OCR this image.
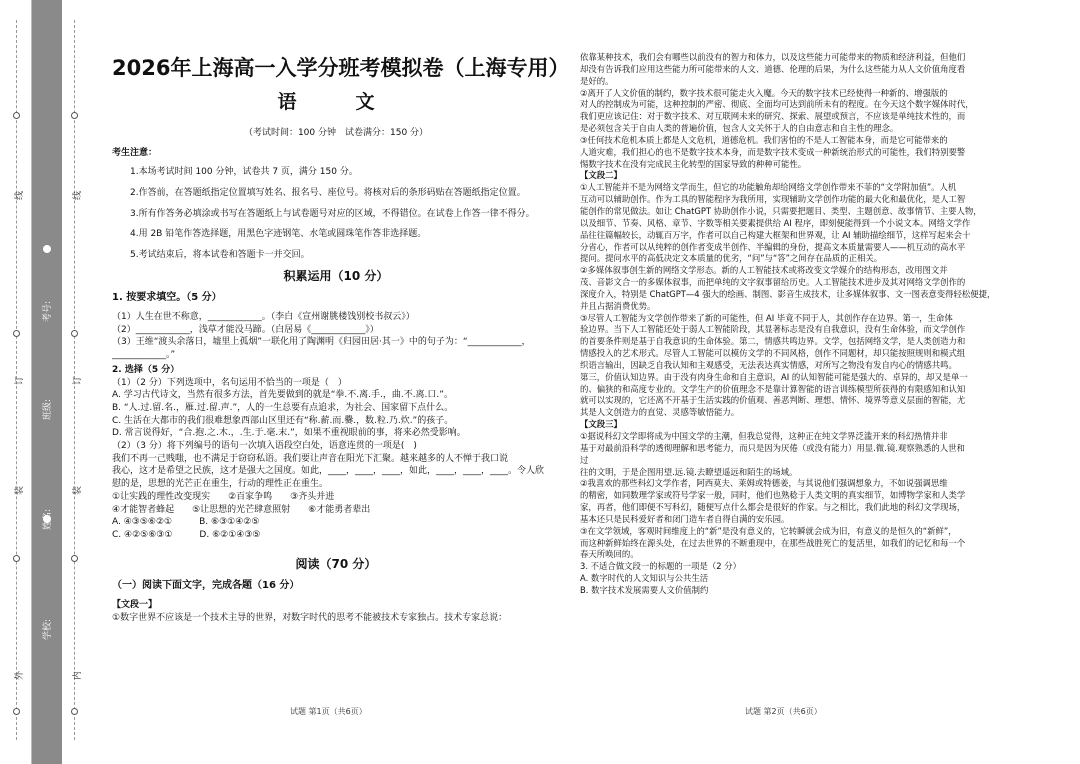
线
订
装
外
线
订
装
内
考号:
班级:
姓名:
学校:
2026年上海高一入学分班考模拟卷（上海专用）
语　文
（考试时间：100 分钟　试卷满分：150 分）
考生注意：
1.本场考试时间 100 分钟，试卷共 7 页，满分 150 分。
2.作答前，在答题纸指定位置填写姓名、报名号、座位号。将核对后的条形码贴在答题纸指定位置。
3.所有作答务必填涂或书写在答题纸上与试卷题号对应的区域，不得错位。在试卷上作答一律不得分。
4.用 2B 铅笔作答选择题，用黑色字迹钢笔、水笔或圆珠笔作答非选择题。
5.考试结束后，将本试卷和答题卡一并交回。
积累运用（10 分）
1. 按要求填空。（5 分）

（1）人生在世不称意，____________。（李白《宣州谢朓楼饯别校书叔云》）

（2）____________，浅草才能没马蹄。（白居易《____________》）

（3）王维“渡头余落日，墟里上孤烟”一联化用了陶渊明《归园田居·其一》中的句子为：“____________，

____________。”

2. 选择（5 分）

（1）（2 分）下列选项中，名句运用不恰当的一项是（　）

A. 学习古代诗文，当然有很多方法，首先要做到的就是“拳.不.离.手.，曲.不.离.口.”。

B. “人.过.留.名.，雁.过.留.声.”，人的一生总要有点追求，为社会、国家留下点什么。

C. 生活在大都市的我们很难想象西部山区里还有“称.薪.而.爨.，数.粒.乃.炊.”的孩子。

D. 常言说得好，“合.抱.之.木.，.生.于.毫.末.”，如果不重视眼前的事，将来必然受影响。

（2）（3 分）将下列编号的语句一次填入语段空白处，语意连贯的一项是(　)

我们不再一己贱嗤，也不满足于窃窃私语。我们要让声音在阳光下汇聚。越来越多的人不惮于我口说

我心，这才是希望之民族，这才是强大之国度。如此，____，____，____，如此，____，____，____。令人欣

慰的是，思想的光芒正在重生，行动的理性正在重生。

①让实践的理性改变现实　　②百家争鸣　　③齐头并进

④才能智者蜂起　　⑤让思想的光芒肆意照射　　⑥才能勇者辈出

A. ④③⑤⑥②①　　　B. ⑥③①④②⑤

C. ④②⑤⑥③①　　　D. ⑥②①④③⑤

阅读（70 分）
（一）阅读下面文字，完成各题（16 分）

【文段一】

①数字世界不应该是一个技术主导的世界，对数字时代的思考不能被技术专家独占。技术专家总说：

试题 第1页（共6页）

依靠某种技术，我们会有哪些以前没有的智力和体力，以及这些能力可能带来的物质和经济利益，但他们

却没有告诉我们应用这些能力所可能带来的人文、道德、伦理的后果，为什么这些能力从人文价值角度看

是好的。

②离开了人文价值的制约，数字技术很可能走火入魔。今天的数字技术已经使得一种新的、增强版的

对人的控制成为可能，这种控制的严密、彻底、全面均可达到前所未有的程度。在今天这个数字媒体时代，

我们更应该记住：对于数字技术、对互联网未来的研究、探索、展望或预言，不应该是单纯技术性的，而

是必须包含关于自由人类的普遍价值，包含人文关怀于人的自由意志和自主性的理念。

③任何技术危机本质上都是人文危机，道德危机。我们害怕的不是人工智能本身，而是它可能带来的

人道灾难，我们担心的也不是数字技术本身，而是数字技术变成一种新统治形式的可能性，我们特别要警

惕数字技术在没有完成民主化转型的国家导致的种种可能性。

【文段二】

①人工智能并不是为网络文学而生，但它的功能触角却给网络文学创作带来不菲的“文学附加值”。人机

互动可以辅助创作。作为工具的智能程序为我所用，实现辅助文学创作功能的最大化和最优化，是人工智

能创作的常见做法。如让 ChatGPT 协助创作小说，只需要把题目、类型、主题创意、故事情节、主要人物，

以及细节、节奏、风格、章节、字数等相关要素提供给 AI 程序，即刻便能得到一个小说文本。网络文学作

品往往篇幅较长，动辄百万字，作者可以自己构建大框架和世界观，让 AI 辅助描绘细节，这样写起来会十

分省心，作者可以从纯粹的创作者变成半创作、半编辑的身份，提高文本质量需要人——机互动的高水平

提问。提问水平的高低决定文本质量的优劣，“问”与“答”之间存在品质的正相关。

②多媒体叙事创生新的网络文学形态。新的人工智能技术或将改变文学媒介的结构形态，改用图文并

茂、音影文合一的多媒体叙事，而把单纯的文字叙事留给历史。人工智能技术进步及其对网络文学创作的

深度介入，特别是 ChatGPT—4 强大的绘画、制图、影音生成技术，让多媒体叙事、文一图表意变得轻松便捷，

并且占据消费优势。

③尽管人工智能为文学创作带来了新的可能性，但 AI 毕竟不同于人，其创作存在边界。第一，生命体

验边界。当下人工智能还处于弱人工智能阶段，其显著标志是没有自我意识，没有生命体验，而文学创作

的首要条件则是基于自我意识的生命体验。第二，情感共鸣边界。文学，包括网络文学，是人类创造力和

情感投入的艺术形式。尽管人工智能可以模仿文学的不同风格，创作不同题材，却只能按照规则和模式组

织语言输出，因缺乏自我认知和主观感受，无法表达真实情感，对所写之物没有发自内心的情感共鸣。

第三，价值认知边界。由于没有肉身生命和自主意识，AI 的认知智能可能是强大的、卓异的，却又是单一

的、偏狭的和高度专业的。文学生产的价值理念不是靠计算智能的语言训练模型所获得的有限感知和认知

就可以实现的，它还离不开基于生活实践的价值观、善恶判断、理想、情怀、境界等意义层面的智能，尤

其是人文创造力的直觉、灵感等敏悟能力。

【文段三】

①据说科幻文学即将成为中国文学的主潮，但我总觉得，这种正在纯文学界泛滥开来的科幻热情并非

基于对最前沿科学的透彻理解和思考能力，而只是因为厌倦（或没有能力）用显.微.镜.观察熟悉的人世和

过

往的文明，于是企图用望.远.镜.去瞭望遥远和陌生的场域。

②我喜欢的那些科幻文学作者，阿西莫夫、莱姆或特德姜，与其说他们强调想象力，不如说强调思维

的精密，如同数理学家或符号学家一般，同时，他们也熟稔于人类文明的真实细节，如博物学家和人类学

家，再者，他们即便不写科幻，随便写点什么都会是很好的作家。与之相比，我们此地的科幻文学现场，

基本还只是民科爱好者和闭门造车者自得自满的安乐园。

③在文学领域，客观时间维度上的“新”是没有意义的，它转瞬就会成为旧，有意义的是恒久的“新鲜”，

而这种新鲜始终在源头处，在过去世界的不断重现中，在那些战胜死亡的复活里，如我们的记忆和每一个

春天所唤回的。

3. 不适合做文段一的标题的一项是（2 分）

A. 数字时代的人文知识与公共生活

B. 数字技术发展需要人文价值制约

试题 第2页（共6页）
